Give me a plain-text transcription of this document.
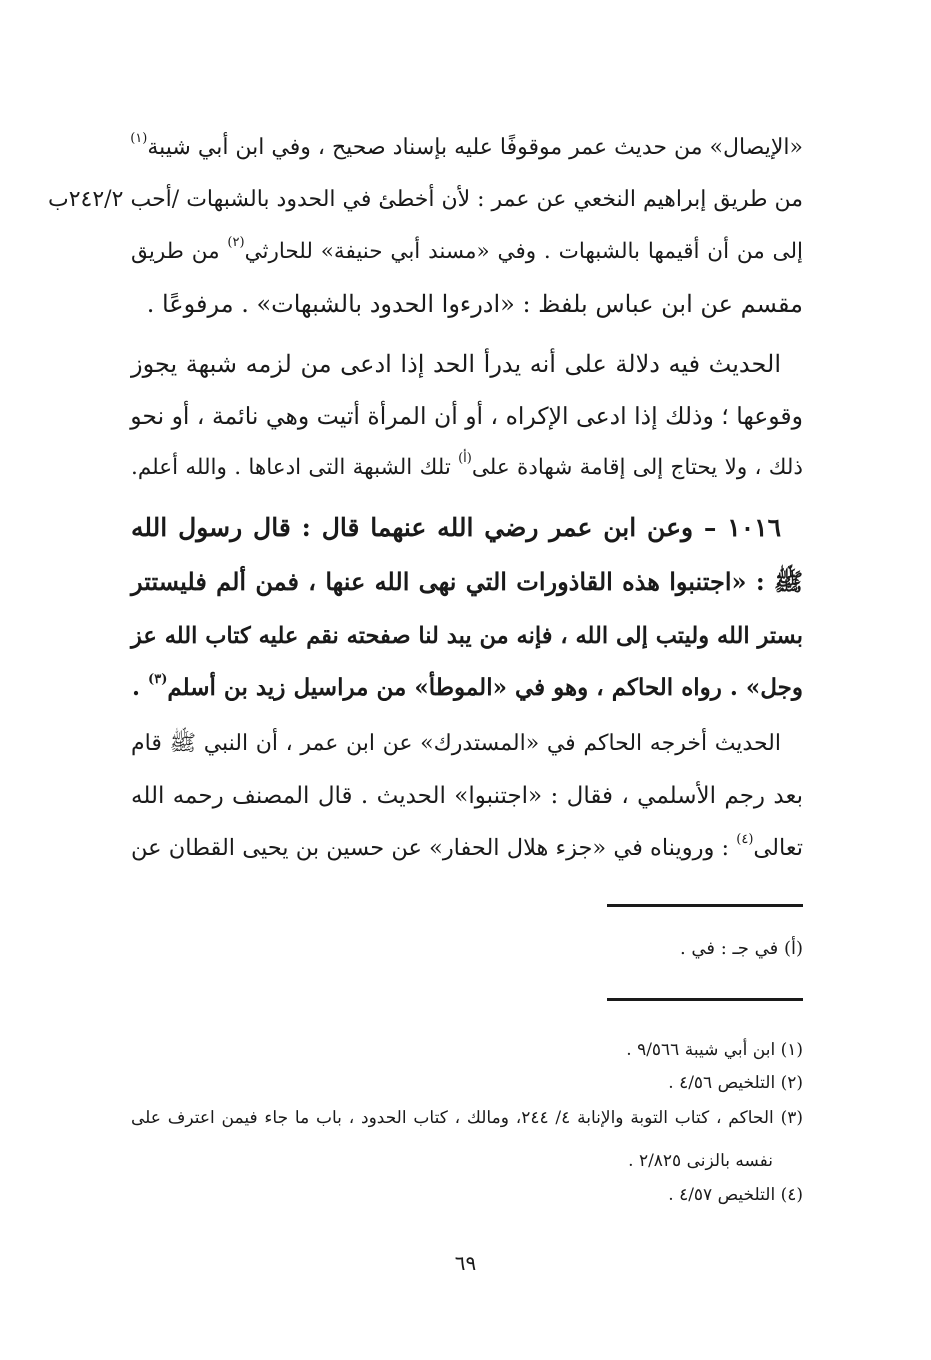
«الإيصال» من حديث عمر موقوفًا عليه بإسناد صحيح ، وفي ابن أبي شيبة$^{(١)}$
من طريق إبراهيم النخعي عن عمر : لأن أخطئ في الحدود بالشبهات /أحب
٢٤٢/٢ب
إلى من أن أقيمها بالشبهات . وفي «مسند أبي حنيفة» للحارثي$^{(٢)}$ من طريق
مقسم عن ابن عباس بلفظ : «ادرءوا الحدود بالشبهات» . مرفوعًا .
الحديث فيه دلالة على أنه يدرأ الحد إذا ادعى من لزمه شبهة يجوز
وقوعها ؛ وذلك إذا ادعى الإكراه ، أو أن المرأة أتيت وهي نائمة ، أو نحو
ذلك ، ولا يحتاج إلى إقامة شهادة على$^{(أ)}$ تلك الشبهة التى ادعاها . والله أعلم.
١٠١٦ – وعن ابن عمر رضي الله عنهما قال : قال رسول الله
ﷺ : «اجتنبوا هذه القاذورات التي نهى الله عنها ، فمن ألم فليستتر
بستر الله وليتب إلى الله ، فإنه من يبد لنا صفحته نقم عليه كتاب الله عز
وجل» . رواه الحاكم ، وهو في «الموطأ» من مراسيل زيد بن أسلم$^{(٣)}$ .
الحديث أخرجه الحاكم في «المستدرك» عن ابن عمر ، أن النبي ﷺ قام
بعد رجم الأسلمي ، فقال : «اجتنبوا» الحديث . قال المصنف رحمه الله
تعالى$^{(٤)}$ : ورويناه في «جزء هلال الحفار» عن حسين بن يحيى القطان عن
(أ) في جـ : في .
(١) ابن أبي شيبة ٩/٥٦٦ .
(٢) التلخيص ٤/٥٦ .
(٣) الحاكم ، كتاب التوبة والإنابة ٤/ ٢٤٤، ومالك ، كتاب الحدود ، باب ما جاء فيمن اعترف على
نفسه بالزنى ٢/٨٢٥ .
(٤) التلخيص ٤/٥٧ .
٦٩
